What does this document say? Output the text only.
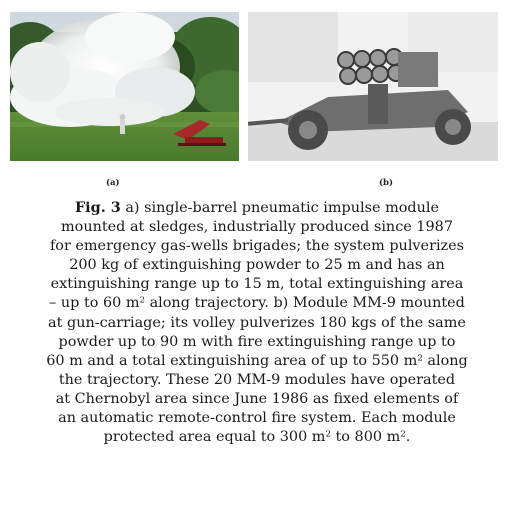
(a)	(b)
Fig. 3 a) single-barrel pneumatic impulse module
mounted at sledges, industrially produced since 1987
for emergency gas-wells brigades; the system pulverizes
200 kg of extinguishing powder to 25 m and has an
extinguishing range up to 15 m, total extinguishing area
– up to 60 $m^2$ along trajectory. b) Module MM-9 mounted
at gun-carriage; its volley pulverizes 180 kgs of the same
powder up to 90 m with fire extinguishing range up to
60 m and a total extinguishing area of up to 550 $m^2$ along
the trajectory. These 20 MM-9 modules have operated
at Chernobyl area since June 1986 as fixed elements of
an automatic remote-control fire system. Each module
protected area equal to 300 $m^2$ to 800 $m^2$.
